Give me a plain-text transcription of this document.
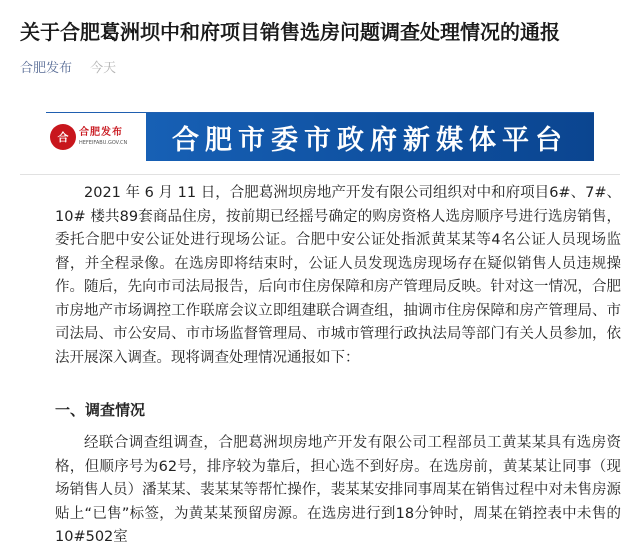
关于合肥葛洲坝中和府项目销售选房问题调查处理情况的通报
合肥发布 今天
合	合肥发布
HEFEIFABU.GOV.CN 合肥市委市政府新媒体平台

2021 年 6 月 11 日，合肥葛洲坝房地产开发有限公司组织对中和府项目6#、7#、10# 楼共89套商品住房，按前期已经摇号确定的购房资格人选房顺序号进行选房销售，委托合肥中安公证处进行现场公证。合肥中安公证处指派黄某某等4名公证人员现场监督，并全程录像。在选房即将结束时，公证人员发现选房现场存在疑似销售人员违规操作。随后，先向市司法局报告，后向市住房保障和房产管理局反映。针对这一情况，合肥市房地产市场调控工作联席会议立即组建联合调查组，抽调市住房保障和房产管理局、市司法局、市公安局、市市场监督管理局、市城市管理行政执法局等部门有关人员参加，依法开展深入调查。现将调查处理情况通报如下：

一、调查情况

经联合调查组调查，合肥葛洲坝房地产开发有限公司工程部员工黄某某具有选房资格，但顺序号为62号，排序较为靠后，担心选不到好房。在选房前，黄某某让同事（现场销售人员）潘某某、裴某某等帮忙操作，裴某某安排同事周某在销售过程中对未售房源贴上“已售”标签，为黄某某预留房源。在选房进行到18分钟时，周某在销控表中未售的10#502室
